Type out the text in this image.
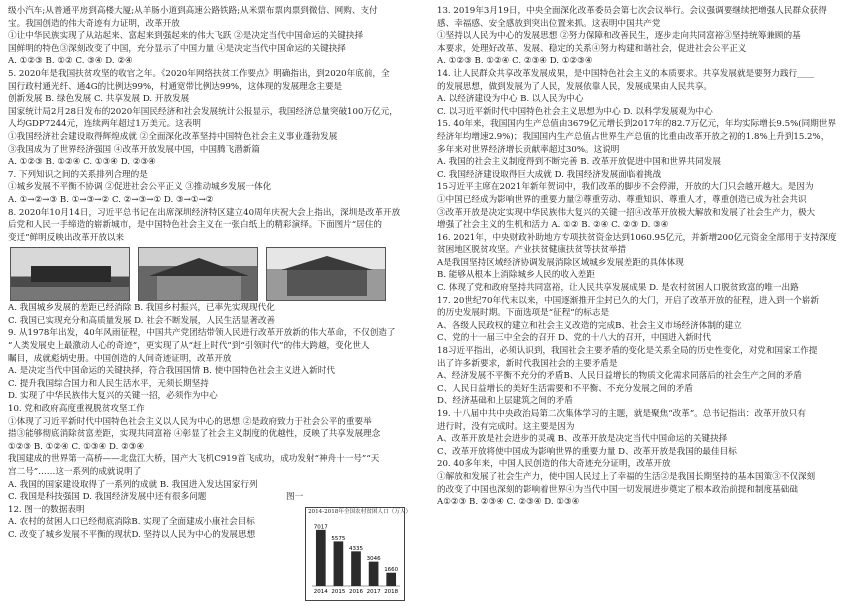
级小汽车;从普通平房到高楼大厦;从羊肠小道到高速公路铁路;从米票布票肉票到微信、网购、支付
宝。我国创造的伟大奇迹有力证明，改革开放
①让中华民族实现了从站起来、富起来到强起来的伟大飞跃 ②是决定当代中国命运的关键抉择
国鲜明的特色③深刻改变了中国，充分显示了中国力量 ④是决定当代中国命运的关键抉择
A. ①②③ B. ①② C. ③④ D. ②④
5. 2020年是我国扶贫攻坚的收官之年。《2020年网络扶贫工作要点》明确指出，到2020年底前，全
国行政村通光纤、通4G的比例达99%，村通宽带比例达99%，这体现的发展理念主要是
创新发展 B. 绿色发展 C. 共享发展 D. 开放发展
国家统计局2月28日发布的2020年国民经济和社会发展统计公报显示，我国经济总量突破100万亿元，
人均GDP7244元，连续两年超过1万美元。这表明
①我国经济社会建设取得辉煌成就 ②全面深化改革坚持中国特色社会主义事业蓬勃发展
③我国成为了世界经济强国 ④改革开放发展中国，中国腾飞潜新篇
A. ①②③ B. ①②④ C. ①③④ D. ②③④
7. 下列知识之间的关系排列合理的是
①城乡发展不平衡不协调 ②促进社会公平正义 ③推动城乡发展一体化
A. ①→②→③ B. ①→③→② C. ②→③→① D. ③→①→②
8. 2020年10月14日，习近平总书记在出席深圳经济特区建立40周年庆祝大会上指出，深圳是改革开放
后党和人民一手缔造的崭新城市，是中国特色社会主义在一张白纸上的精彩演绎。下面图片“居住的
变迁”鲜明反映出改革开放以来
A. 我国城乡发展的差距已经消除 B. 我国乡村振兴，已率先实现现代化
C. 我国已实现充分和高质量发展 D. 社会不断发展，人民生活显著改善
9. 从1978年出发，40年风雨征程，中国共产党团结带领人民进行改革开放新的伟大革命，不仅创造了
“人类发展史上最激动人心的奇迹”，更实现了从“赶上时代”到“引领时代”的伟大跨越，变化世人
瞩目，成就彪炳史册。中国创造的人间奇迹证明，改革开放
A. 是决定当代中国命运的关键抉择，符合我国国情 B. 使中国特色社会主义进入新时代
C. 提升我国综合国力和人民生活水平，无须长期坚持
D. 实现了中华民族伟大复兴的关键一招，必须作为中心
10. 党和政府高度重视脱贫攻坚工作
①体现了习近平新时代中国特色社会主义以人民为中心的思想 ②是政府致力于社会公平的重要举
措③能够彻底消除贫富差距，实现共同富裕 ④彰显了社会主义制度的优越性，反映了共享发展理念
①②③ B. ①②④ C. ①③④ D. ②③④
我国建成的世界第一高桥——北盘江大桥，国产大飞机C919首飞成功，成功发射“神舟十一号”“天
宫二号”……这一系列的成就说明了
A. 我国的国家建设取得了一系列的成就 B. 我国进入发达国家行列
C. 我国是科技强国 D. 我国经济发展中还有很多问题	图一
12. 图一的数据表明
A. 农村的贫困人口已经彻底消除B. 实现了全面建成小康社会目标
C. 改变了城乡发展不平衡的现状D. 坚持以人民为中心的发展思想
13. 2019年3月19日，中央全面深化改革委员会第七次会议举行。会议强调要继续把增强人民群众获得
感、幸福感、安全感放到突出位置来抓。这表明中国共产党
①坚持以人民为中心的发展思想 ②努力保障和改善民生，逐步走向共同富裕③坚持统筹兼顾的基
本要求，处理好改革、发展、稳定的关系④努力构建和谐社会，促进社会公平正义
A. ①②③ B. ①②④ C. ②③④ D. ①②③④
14. 让人民群众共享改革发展成果，是中国特色社会主义的本质要求。共享发展就是要努力践行____
的发展思想，做到发展为了人民，发展依靠人民，发展成果由人民共享。
A. 以经济建设为中心 B. 以人民为中心
C. 以习近平新时代中国特色社会主义思想为中心 D. 以科学发展观为中心
15. 40年来，我国国内生产总值由3679亿元增长到2017年的82.7万亿元，年均实际增长9.5%(同期世界
经济年均增速2.9%)；我国国内生产总值占世界生产总值的比重由改革开放之初的1.8%上升到15.2%，
多年来对世界经济增长贡献率超过30%。这说明
A. 我国的社会主义制度得到不断完善 B. 改革开放促进中国和世界共同发展
C. 我国经济建设取得巨大成就 D. 我国经济发展面临着挑战
15习近平主席在2021年新年贺词中，我们改革的脚步不会停滞，开放的大门只会越开越大。是因为
①中国已经成为影响世界的重要力量②尊重劳动、尊重知识、尊重人才，尊重创造已成为社会共识
③改革开放是决定实现中华民族伟大复兴的关键一招④改革开放极大解放和发展了社会生产力，极大
增强了社会主义的生机和活力 A. ①② B. ②④ C. ②③ D. ③④
16. 2021年，中央财政补助地方专项扶贫资金达到1060.95亿元，并新增200亿元资金全部用于支持深度
贫困地区脱贫攻坚。产业扶贫健康扶贫等扶贫举措
A是我国坚持区域经济协调发展消除区域城乡发展差距的具体体现
B. 能够从根本上消除城乡人民的收入差距
C. 体现了党和政府坚持共同富裕，让人民共享发展成果 D. 是农村贫困人口脱贫致富的唯一出路
17. 20世纪70年代末以来，中国逐渐推开尘封已久的大门，开启了改革开放的征程，进入到一个崭新
的历史发展时期。下面选项是“征程”的标志是
A、各级人民政权的建立和社会主义改造的完成B、社会主义市场经济体制的建立
C、党的十一届三中全会的召开 D、党的十八大的召开，中国进入新时代
18习近平指出，必须认识到，我国社会主要矛盾的变化是关系全局的历史性变化，对党和国家工作提
出了许多新要求，新时代我国社会的主要矛盾是
A、经济发展不平衡不充分的矛盾B、人民日益增长的物质文化需求同落后的社会生产之间的矛盾
C、人民日益增长的美好生活需要和不平衡、不充分发展之间的矛盾
D、经济基础和上层建筑之间的矛盾
19. 十八届中共中央政治局第二次集体学习的主题，就是聚焦“改革”。总书记指出：改革开放只有
进行时，没有完成时。这主要是因为
A、改革开放是社会进步的灵魂 B、改革开放是决定当代中国命运的关键抉择
C、改革开放将使中国成为影响世界的重要力量 D、改革开放是我国的最佳目标
20. 40多年来，中国人民创造的伟大奇迹充分证明，改革开放
①解放和发展了社会生产力，使中国人民过上了幸福的生活②是我国长期坚持的基本国策③不仅深刻
的改变了中国也深刻的影响着世界④为当代中国一切发展进步奠定了根本政治前提和制度基础础
A①②③ B. ②③④ C. ②③④ D. ①③④
2014-2018年全国农村贫困人口（万人）
7017
2014
5575
2015
4335
2016
3046
2017
1660
2018
